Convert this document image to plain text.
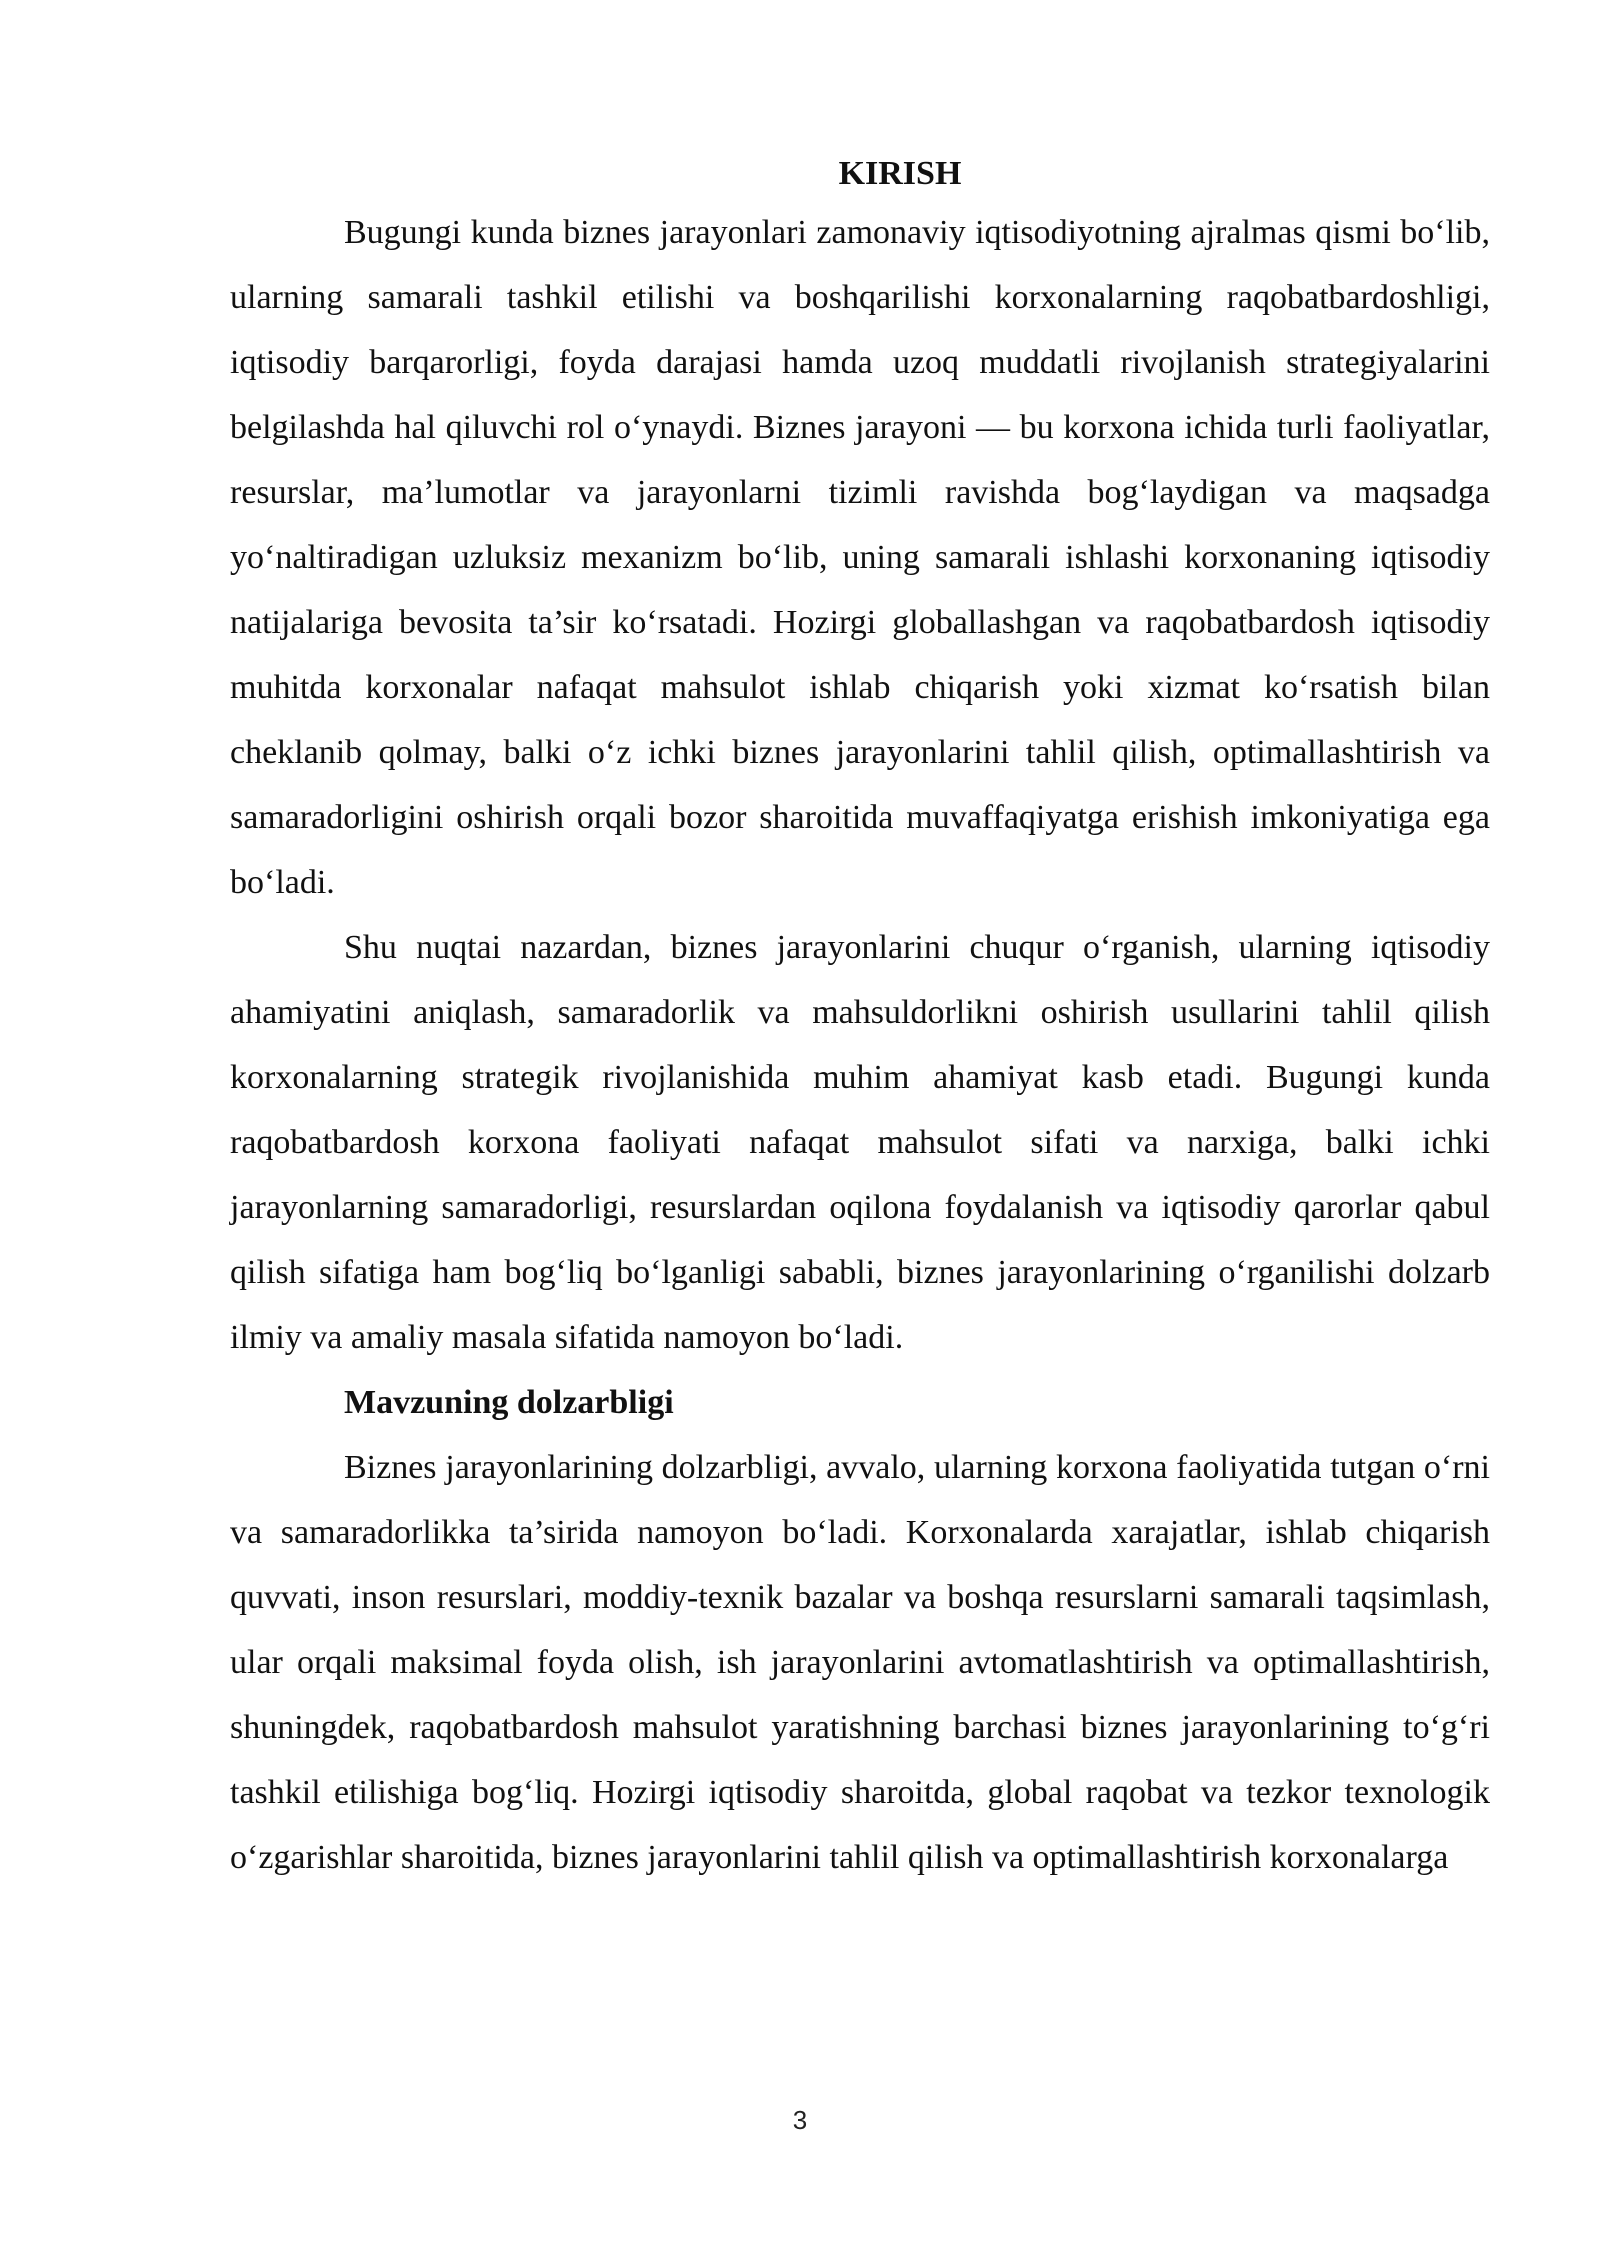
KIRISH

Bugungi kunda biznes jarayonlari zamonaviy iqtisodiyotning ajralmas qismi bo‘lib, ularning samarali tashkil etilishi va boshqarilishi korxonalarning raqobatbardoshligi, iqtisodiy barqarorligi, foyda darajasi hamda uzoq muddatli rivojlanish strategiyalarini belgilashda hal qiluvchi rol o‘ynaydi. Biznes jarayoni — bu korxona ichida turli faoliyatlar, resurslar, ma’lumotlar va jarayonlarni tizimli ravishda bog‘laydigan va maqsadga yo‘naltiradigan uzluksiz mexanizm bo‘lib, uning samarali ishlashi korxonaning iqtisodiy natijalariga bevosita ta’sir ko‘rsatadi. Hozirgi globallashgan va raqobatbardosh iqtisodiy muhitda korxonalar nafaqat mahsulot ishlab chiqarish yoki xizmat ko‘rsatish bilan cheklanib qolmay, balki o‘z ichki biznes jarayonlarini tahlil qilish, optimallashtirish va samaradorligini oshirish orqali bozor sharoitida muvaffaqiyatga erishish imkoniyatiga ega bo‘ladi.

Shu nuqtai nazardan, biznes jarayonlarini chuqur o‘rganish, ularning iqtisodiy ahamiyatini aniqlash, samaradorlik va mahsuldorlikni oshirish usullarini tahlil qilish korxonalarning strategik rivojlanishida muhim ahamiyat kasb etadi. Bugungi kunda raqobatbardosh korxona faoliyati nafaqat mahsulot sifati va narxiga, balki ichki jarayonlarning samaradorligi, resurslardan oqilona foydalanish va iqtisodiy qarorlar qabul qilish sifatiga ham bog‘liq bo‘lganligi sababli, biznes jarayonlarining o‘rganilishi dolzarb ilmiy va amaliy masala sifatida namoyon bo‘ladi.

Mavzuning dolzarbligi

Biznes jarayonlarining dolzarbligi, avvalo, ularning korxona faoliyatida tutgan o‘rni va samaradorlikka ta’sirida namoyon bo‘ladi. Korxonalarda xarajatlar, ishlab chiqarish quvvati, inson resurslari, moddiy-texnik bazalar va boshqa resurslarni samarali taqsimlash, ular orqali maksimal foyda olish, ish jarayonlarini avtomatlashtirish va optimallashtirish, shuningdek, raqobatbardosh mahsulot yaratishning barchasi biznes jarayonlarining to‘g‘ri tashkil etilishiga bog‘liq. Hozirgi iqtisodiy sharoitda, global raqobat va tezkor texnologik o‘zgarishlar sharoitida, biznes jarayonlarini tahlil qilish va optimallashtirish korxonalarga

3
